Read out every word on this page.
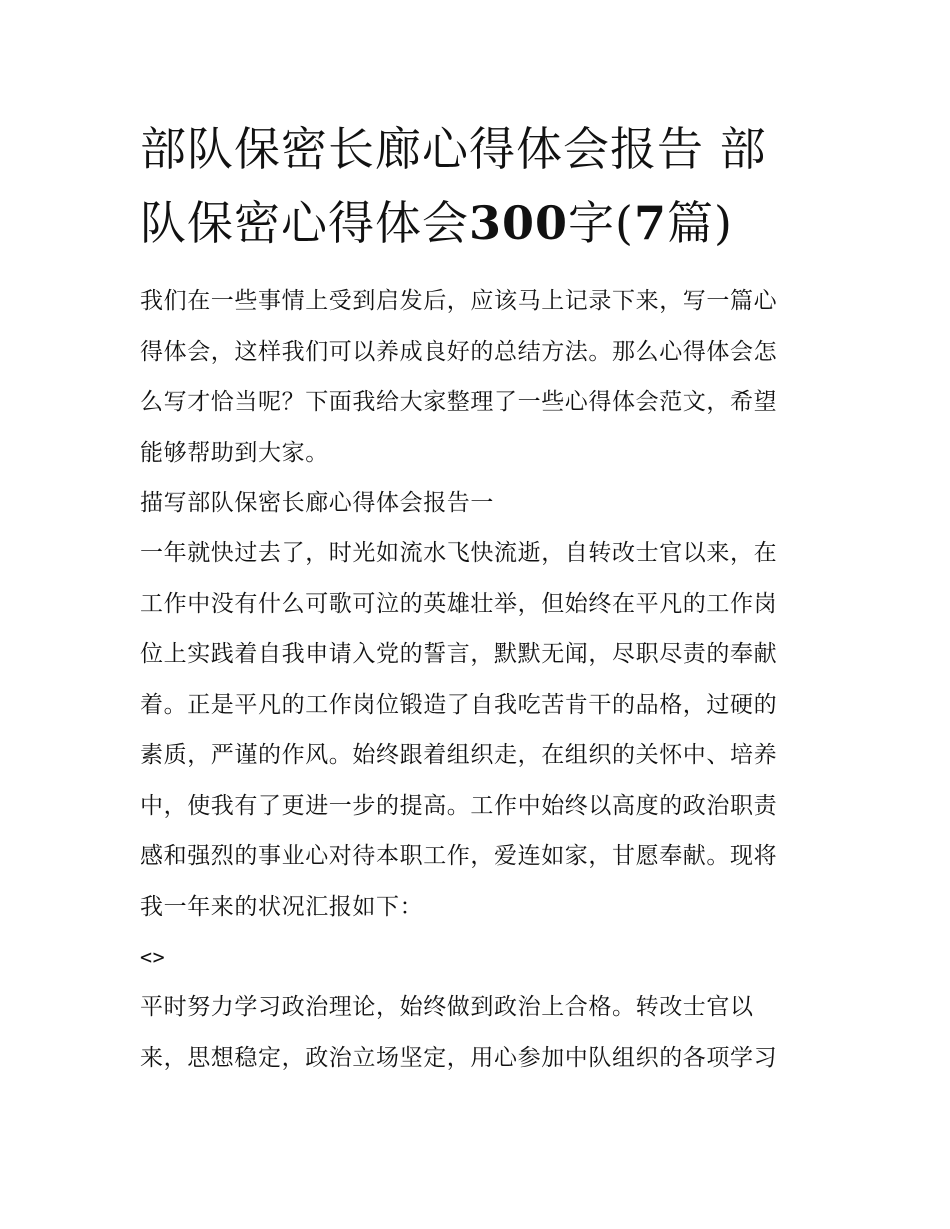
部队保密长廊心得体会报告 部
队保密心得体会300字(7篇)

我们在一些事情上受到启发后，应该马上记录下来，写一篇心
得体会，这样我们可以养成良好的总结方法。那么心得体会怎
么写才恰当呢？下面我给大家整理了一些心得体会范文，希望
能够帮助到大家。

描写部队保密长廊心得体会报告一

一年就快过去了，时光如流水飞快流逝，自转改士官以来，在
工作中没有什么可歌可泣的英雄壮举，但始终在平凡的工作岗
位上实践着自我申请入党的誓言，默默无闻，尽职尽责的奉献
着。正是平凡的工作岗位锻造了自我吃苦肯干的品格，过硬的
素质，严谨的作风。始终跟着组织走，在组织的关怀中、培养
中，使我有了更进一步的提高。工作中始终以高度的政治职责
感和强烈的事业心对待本职工作，爱连如家，甘愿奉献。现将
我一年来的状况汇报如下：

<>

平时努力学习政治理论，始终做到政治上合格。转改士官以
来，思想稳定，政治立场坚定，用心参加中队组织的各项学习
